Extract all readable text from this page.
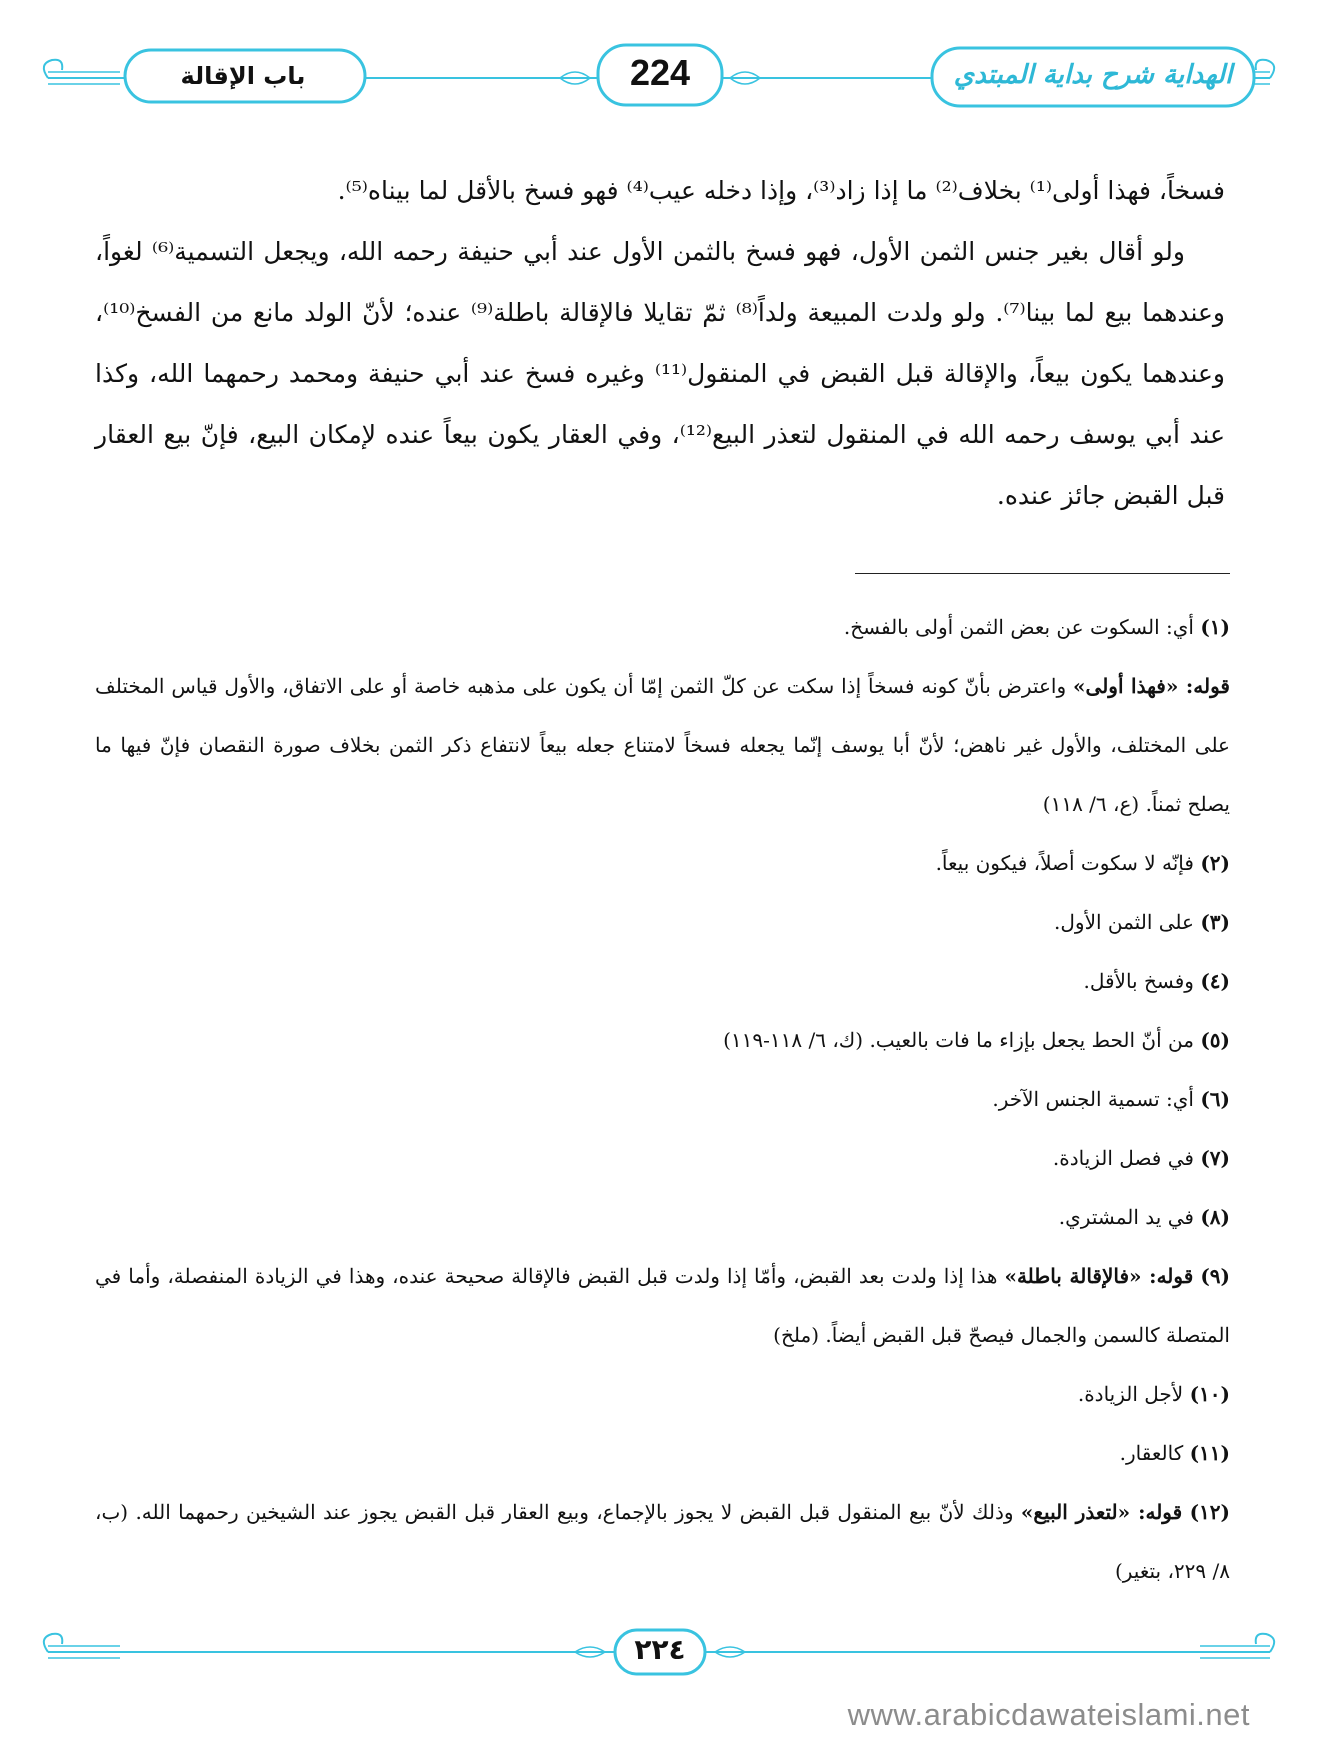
باب الإقالة	224	الهداية شرح بداية المبتدي

فسخاً، فهذا أولى⁽¹⁾ بخلاف⁽²⁾ ما إذا زاد⁽³⁾، وإذا دخله عيب⁽⁴⁾ فهو فسخ بالأقل لما بيناه⁽⁵⁾.

ولو أقال بغير جنس الثمن الأول، فهو فسخ بالثمن الأول عند أبي حنيفة رحمه الله، ويجعل التسمية⁽⁶⁾ لغواً، وعندهما بيع لما بينا⁽⁷⁾. ولو ولدت المبيعة ولداً⁽⁸⁾ ثمّ تقايلا فالإقالة باطلة⁽⁹⁾ عنده؛ لأنّ الولد مانع من الفسخ⁽¹⁰⁾، وعندهما يكون بيعاً، والإقالة قبل القبض في المنقول⁽¹¹⁾ وغيره فسخ عند أبي حنيفة ومحمد رحمهما الله، وكذا عند أبي يوسف رحمه الله في المنقول لتعذر البيع⁽¹²⁾، وفي العقار يكون بيعاً عنده لإمكان البيع، فإنّ بيع العقار قبل القبض جائز عنده.

(١) أي: السكوت عن بعض الثمن أولى بالفسخ.

قوله: «فهذا أولى» واعترض بأنّ كونه فسخاً إذا سكت عن كلّ الثمن إمّا أن يكون على مذهبه خاصة أو على الاتفاق، والأول قياس المختلف على المختلف، والأول غير ناهض؛ لأنّ أبا يوسف إنّما يجعله فسخاً لامتناع جعله بيعاً لانتفاع ذكر الثمن بخلاف صورة النقصان فإنّ فيها ما يصلح ثمناً. (ع، ٦/ ١١٨)

(٢) فإنّه لا سكوت أصلاً، فيكون بيعاً.

(٣) على الثمن الأول.

(٤) وفسخ بالأقل.

(٥) من أنّ الحط يجعل بإزاء ما فات بالعيب. (ك، ٦/ ١١٨-١١٩)

(٦) أي: تسمية الجنس الآخر.

(٧) في فصل الزيادة.

(٨) في يد المشتري.

(٩) قوله: «فالإقالة باطلة» هذا إذا ولدت بعد القبض، وأمّا إذا ولدت قبل القبض فالإقالة صحيحة عنده، وهذا في الزيادة المنفصلة، وأما في المتصلة كالسمن والجمال فيصحّ قبل القبض أيضاً. (ملخ)

(١٠) لأجل الزيادة.

(١١) كالعقار.

(١٢) قوله: «لتعذر البيع» وذلك لأنّ بيع المنقول قبل القبض لا يجوز بالإجماع، وبيع العقار قبل القبض يجوز عند الشيخين رحمهما الله. (ب، ٨/ ٢٢٩، بتغير)

٢٢٤
www.arabicdawateislami.net
